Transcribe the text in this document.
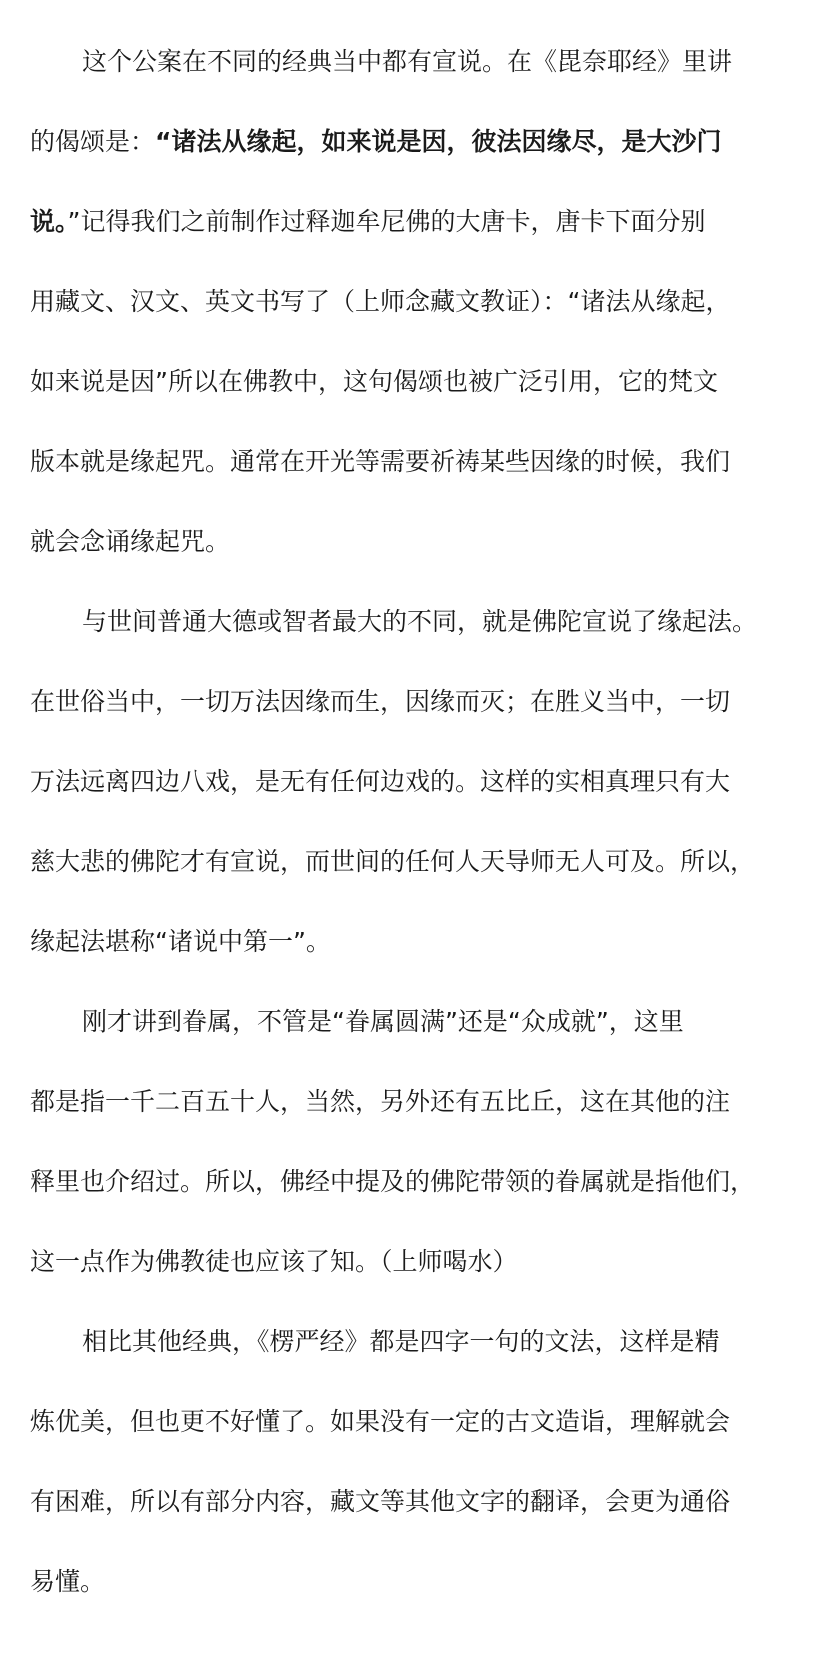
这个公案在不同的经典当中都有宣说。在《毘奈耶经》里讲
的偈颂是：“诸法从缘起，如来说是因，彼法因缘尽，是大沙门
说。”记得我们之前制作过释迦牟尼佛的大唐卡，唐卡下面分别
用藏文、汉文、英文书写了（上师念藏文教证）：“诸法从缘起，
如来说是因”所以在佛教中，这句偈颂也被广泛引用，它的梵文
版本就是缘起咒。通常在开光等需要祈祷某些因缘的时候，我们
就会念诵缘起咒。

与世间普通大德或智者最大的不同，就是佛陀宣说了缘起法。
在世俗当中，一切万法因缘而生，因缘而灭；在胜义当中，一切
万法远离四边八戏，是无有任何边戏的。这样的实相真理只有大
慈大悲的佛陀才有宣说，而世间的任何人天导师无人可及。所以，
缘起法堪称“诸说中第一”。

刚才讲到眷属，不管是“眷属圆满”还是“众成就”，这里
都是指一千二百五十人，当然，另外还有五比丘，这在其他的注
释里也介绍过。所以，佛经中提及的佛陀带领的眷属就是指他们，
这一点作为佛教徒也应该了知。（上师喝水）

相比其他经典，《楞严经》都是四字一句的文法，这样是精
炼优美，但也更不好懂了。如果没有一定的古文造诣，理解就会
有困难，所以有部分内容，藏文等其他文字的翻译，会更为通俗
易懂。
